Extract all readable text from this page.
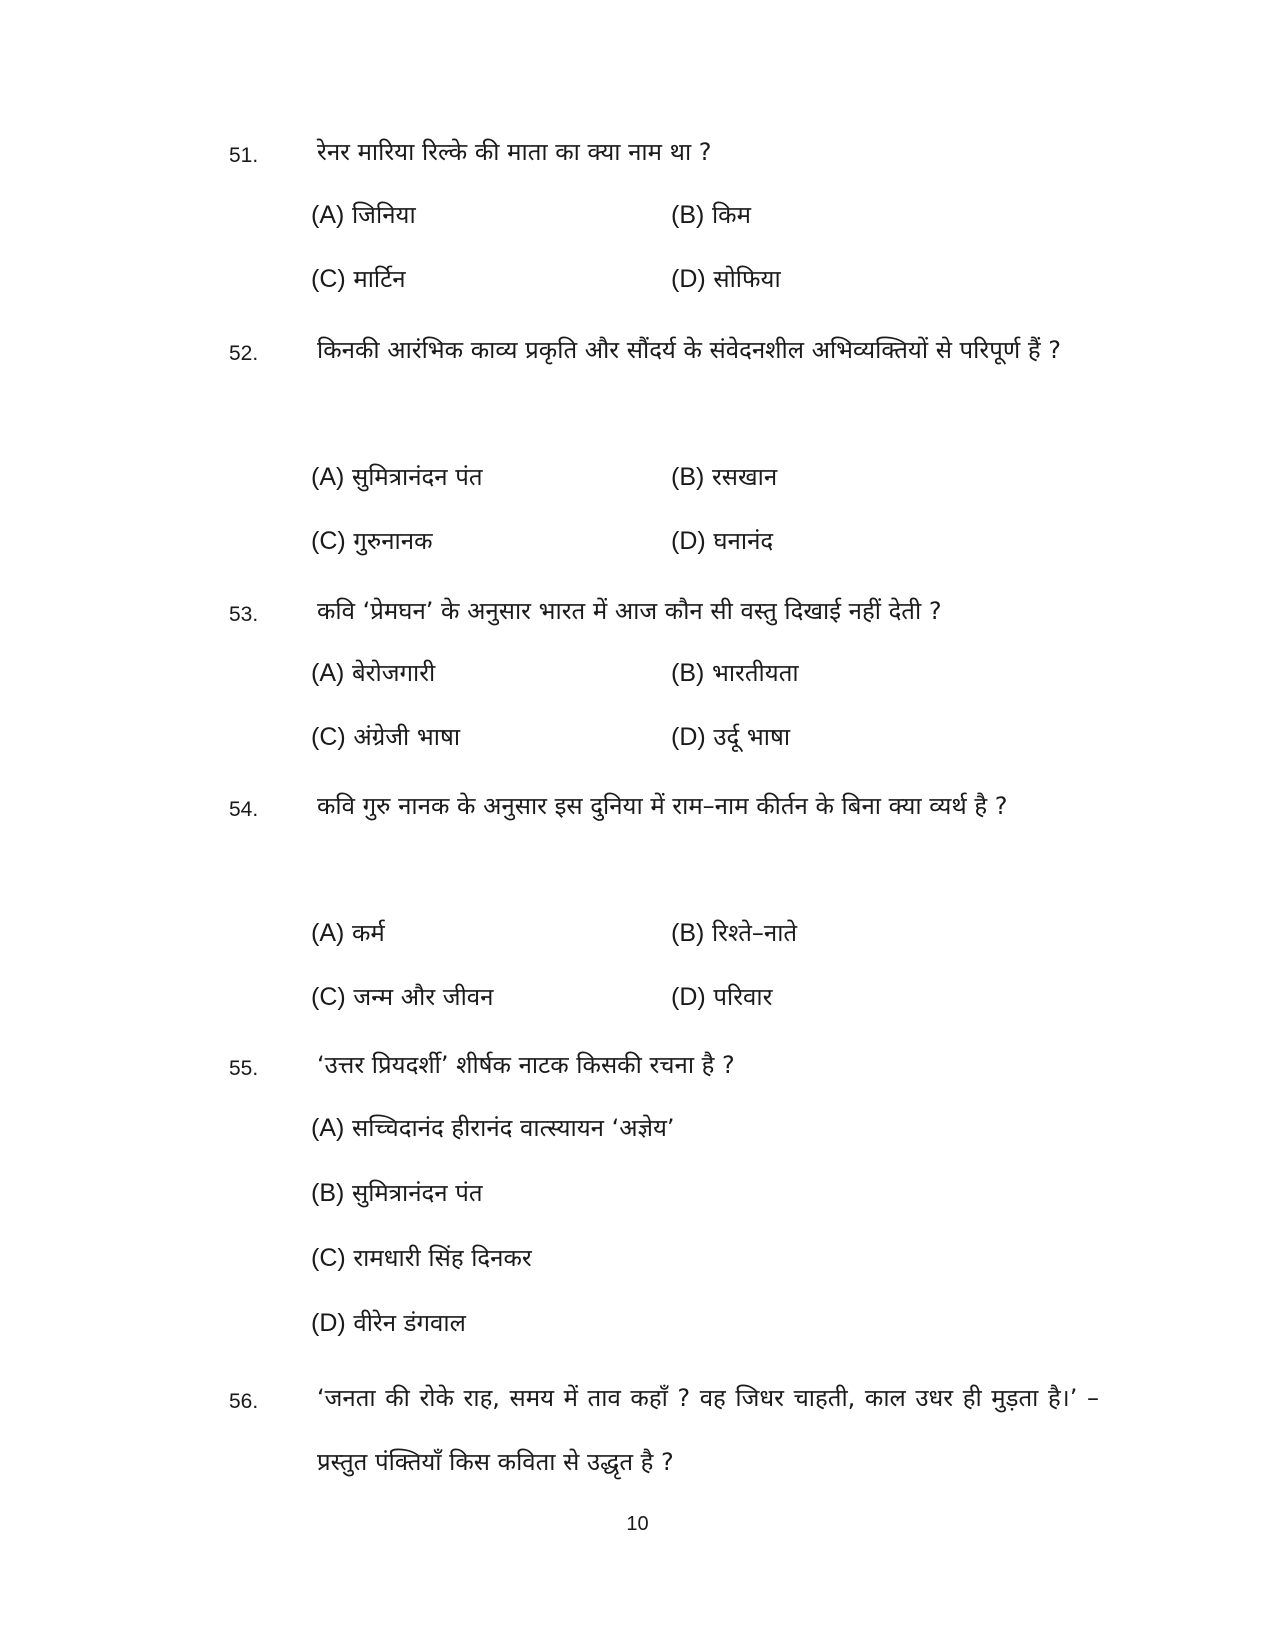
51.	रेनर मारिया रिल्के की माता का क्या नाम था ?
(A) जिनिया	(B) किम
(C) मार्टिन	(D) सोफिया
52.	किनकी आरंभिक काव्य प्रकृति और सौंदर्य के संवेदनशील अभिव्यक्तियों से परिपूर्ण हैं ?
(A) सुमित्रानंदन पंत	(B) रसखान
(C) गुरुनानक	(D) घनानंद
53.	कवि ‘प्रेमघन’ के अनुसार भारत में आज कौन सी वस्तु दिखाई नहीं देती ?
(A) बेरोजगारी	(B) भारतीयता
(C) अंग्रेजी भाषा	(D) उर्दू भाषा
54.	कवि गुरु नानक के अनुसार इस दुनिया में राम–नाम कीर्तन के बिना क्या व्यर्थ है ?
(A) कर्म	(B) रिश्ते–नाते
(C) जन्म और जीवन	(D) परिवार
55.	‘उत्तर प्रियदर्शी’ शीर्षक नाटक किसकी रचना है ?
(A) सच्चिदानंद हीरानंद वात्स्यायन ‘अज्ञेय’
(B) सुमित्रानंदन पंत
(C) रामधारी सिंह दिनकर
(D) वीरेन डंगवाल
56.	‘जनता की रोके राह, समय में ताव कहाँ ? वह जिधर चाहती, काल उधर ही मुड़ता है।’ – प्रस्तुत पंक्तियाँ किस कविता से उद्धृत है ?
10
